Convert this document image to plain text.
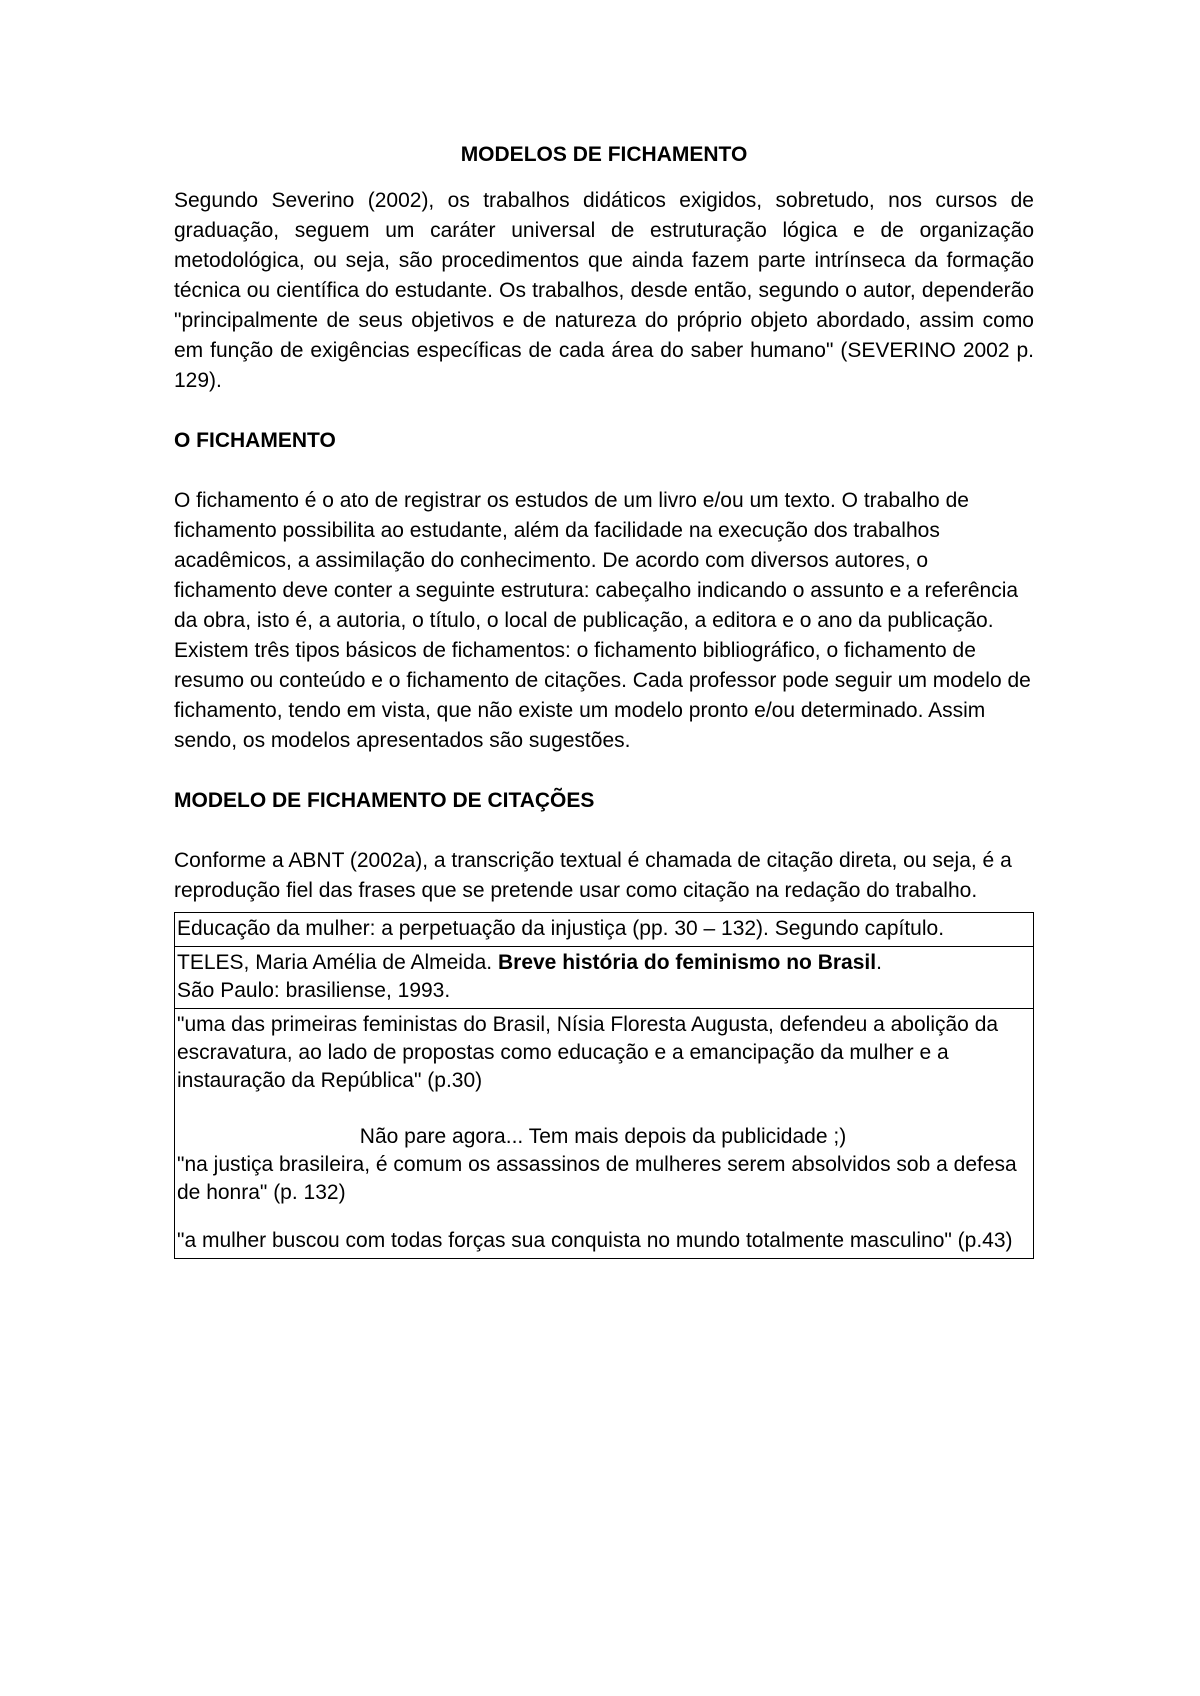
MODELOS DE FICHAMENTO

Segundo Severino (2002), os trabalhos didáticos exigidos, sobretudo, nos cursos de graduação, seguem um caráter universal de estruturação lógica e de organização metodológica, ou seja, são procedimentos que ainda fazem parte intrínseca da formação técnica ou científica do estudante. Os trabalhos, desde então, segundo o autor, dependerão "principalmente de seus objetivos e de natureza do próprio objeto abordado, assim como em função de exigências específicas de cada área do saber humano" (SEVERINO 2002 p. 129).

O FICHAMENTO

O fichamento é o ato de registrar os estudos de um livro e/ou um texto. O trabalho de fichamento possibilita ao estudante, além da facilidade na execução dos trabalhos acadêmicos, a assimilação do conhecimento. De acordo com diversos autores, o fichamento deve conter a seguinte estrutura: cabeçalho indicando o assunto e a referência da obra, isto é, a autoria, o título, o local de publicação, a editora e o ano da publicação. Existem três tipos básicos de fichamentos: o fichamento bibliográfico, o fichamento de resumo ou conteúdo e o fichamento de citações. Cada professor pode seguir um modelo de fichamento, tendo em vista, que não existe um modelo pronto e/ou determinado. Assim sendo, os modelos apresentados são sugestões.

MODELO DE FICHAMENTO DE CITAÇÕES

Conforme a ABNT (2002a), a transcrição textual é chamada de citação direta, ou seja, é a reprodução fiel das frases que se pretende usar como citação na redação do trabalho.

Educação da mulher: a perpetuação da injustiça (pp. 30 – 132). Segundo capítulo.
TELES, Maria Amélia de Almeida. Breve história do feminismo no Brasil.
São Paulo: brasiliense, 1993.

"uma das primeiras feministas do Brasil, Nísia Floresta Augusta, defendeu a abolição da escravatura, ao lado de propostas como educação e a emancipação da mulher e a instauração da República" (p.30)
Não pare agora... Tem mais depois da publicidade ;)
"na justiça brasileira, é comum os assassinos de mulheres serem absolvidos sob a defesa de honra" (p. 132)
"a mulher buscou com todas forças sua conquista no mundo totalmente masculino" (p.43)
